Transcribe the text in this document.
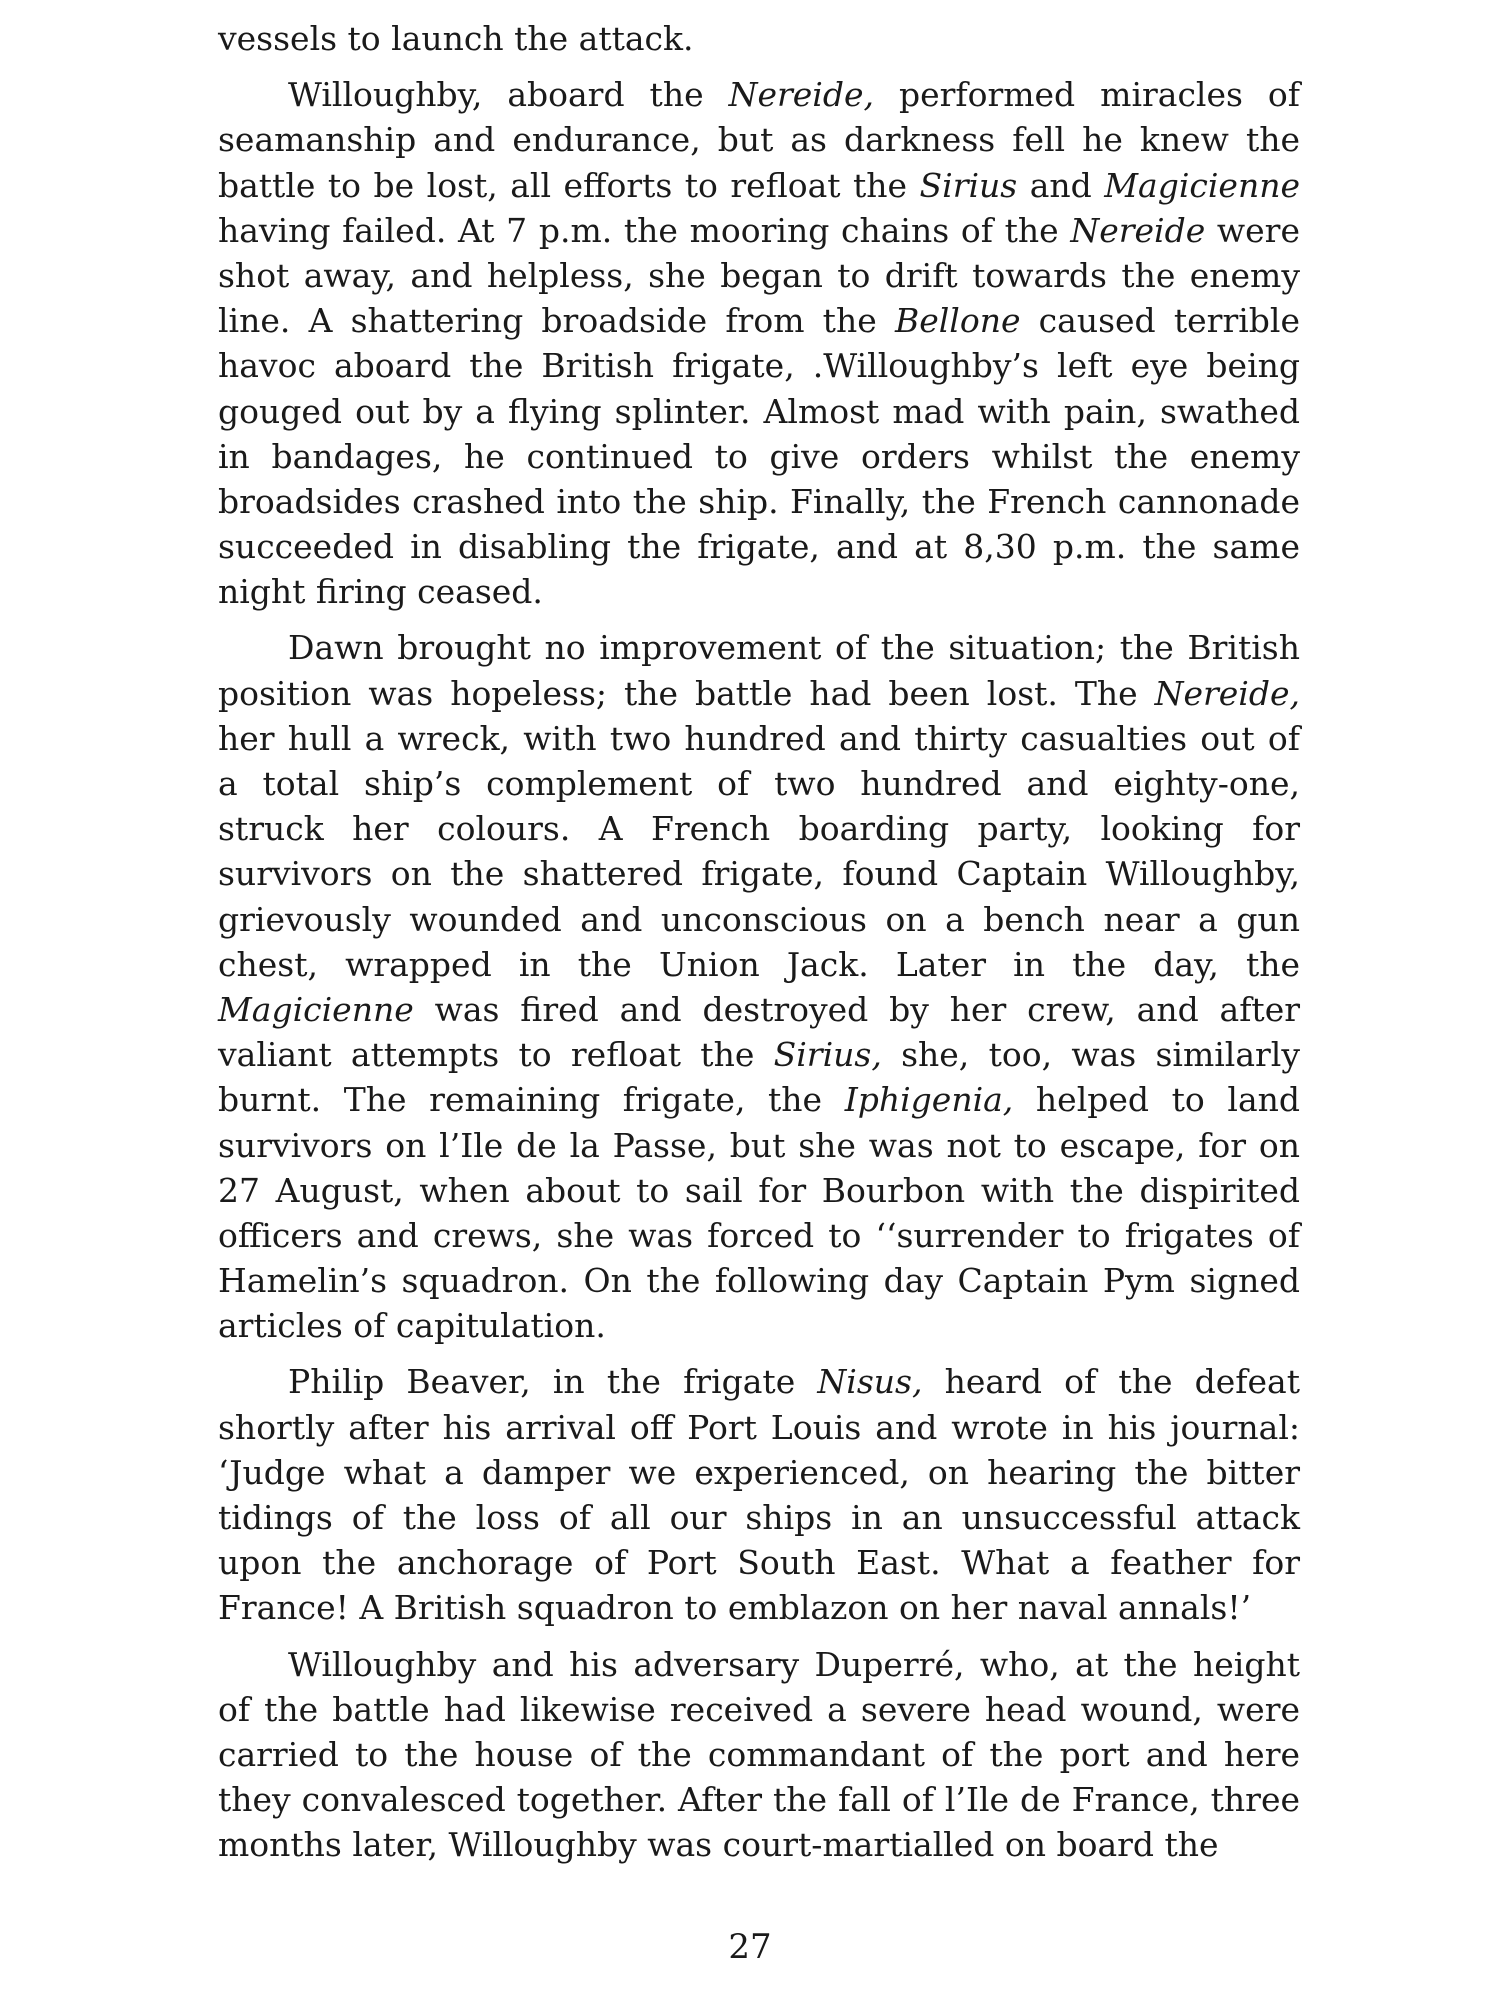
vessels to launch the attack.

Willoughby, aboard the Nereide, performed miracles of seamanship and endurance, but as darkness fell he knew the battle to be lost, all efforts to refloat the Sirius and Magicienne having failed. At 7 p.m. the mooring chains of the Nereide were shot away, and helpless, she began to drift towards the enemy line. A shattering broadside from the Bellone caused terrible havoc aboard the British frigate, .Willoughby’s left eye being gouged out by a flying splinter. Almost mad with pain, swathed in bandages, he continued to give orders whilst the enemy broadsides crashed into the ship. Finally, the French cannonade succeeded in disabling the frigate, and at 8,30 p.m. the same night firing ceased.

Dawn brought no improvement of the situation; the British position was hopeless; the battle had been lost. The Nereide, her hull a wreck, with two hundred and thirty casualties out of a total ship’s complement of two hundred and eighty-one, struck her colours. A French boarding party, looking for survivors on the shattered frigate, found Captain Willoughby, grievously wounded and unconscious on a bench near a gun chest, wrapped in the Union Jack. Later in the day, the Magicienne was fired and destroyed by her crew, and after valiant attempts to refloat the Sirius, she, too, was similarly burnt. The remaining frigate, the Iphigenia, helped to land survivors on l’Ile de la Passe, but she was not to escape, for on 27 August, when about to sail for Bourbon with the dispirited officers and crews, she was forced to ‘‘surrender to frigates of Hamelin’s squadron. On the following day Captain Pym signed articles of capitulation.

Philip Beaver, in the frigate Nisus, heard of the defeat shortly after his arrival off Port Louis and wrote in his journal: ‘Judge what a damper we experienced, on hearing the bitter tidings of the loss of all our ships in an unsuccessful attack upon the anchorage of Port South East. What a feather for France! A British squadron to emblazon on her naval annals!’

Willoughby and his adversary Duperré, who, at the height of the battle had likewise received a severe head wound, were carried to the house of the commandant of the port and here they convalesced together. After the fall of l’Ile de France, three months later, Willoughby was court-martialled on board the

27
